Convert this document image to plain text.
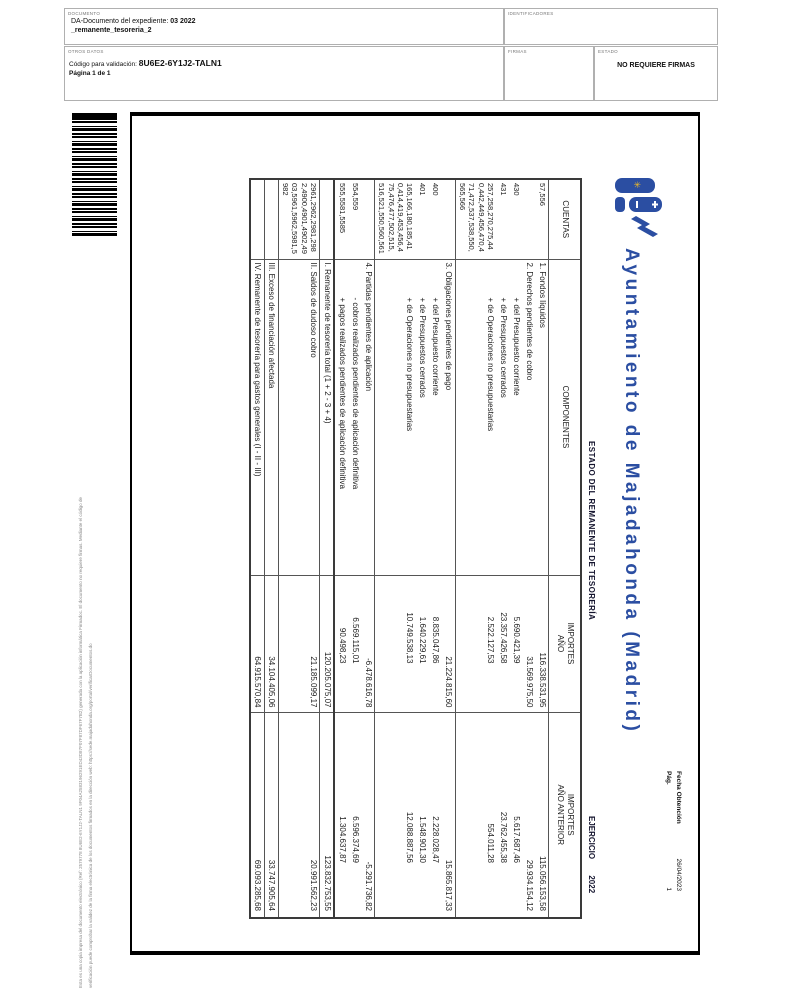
DOCUMENTO
DA-Documento del expediente: 03 2022
_remanente_tesoreria_2
IDENTIFICADORES
OTROS DATOS
Código para validación: 8U6E2-6Y1J2-TALN1
Página 1 de 1
FIRMAS	ESTADO
NO REQUIERE FIRMAS
Esta es una copia impresa del documento electrónico (Ref: 2579778 8U6E2-6Y1J2-TALN1 9F04A2583196291ED43D87F07F87DF67F7B2) generada con la aplicación informática Firmadoc. El documento no requiere firmas. Mediante el código de	verificación puede comprobar la validez de la firma electrónica de los documentos firmados en la dirección web: https://sede.majadahonda.org/portal/verificarDocumentos.do	Fecha Obtención
26/04/2023
Pág.
1
✳
Ayuntamiento de Majadahonda (Madrid)
ESTADO DEL REMANENTE DE TESORERÍA
EJERCICIO 2022
CUENTAS	COMPONENTES	
IMPORTES
AÑO

IMPORTES
AÑO ANTERIOR

57,556	1. Fondos líquidos	116.338.531,95	115.056.153,58
	2. Derechos pendientes de cobro	31.569.975,50	29.934.154,12
430	+ del Presupuesto corriente	5.690.421,39	5.617.687,46
431	+ de Presupuestos cerrados	23.357.426,58	23.762.455,38
257,258,270,275,440,442,449,456,470,471,472,537,538,550,565,566	+ de Operaciones no presupuestarias	2.522.127,53	554.011,28
	3. Obligaciones pendientes de pago	21.224.815,60	15.865.817,33
400	+ del Presupuesto corriente	8.835.047,86	2.228.028,47
401	+ de Presupuestos cerrados	1.640.229,61	1.548.901,30
165,166,180,185,410,414,419,453,456,475,476,477,502,515,516,521,550,560,561	+ de Operaciones no presupuestarias	10.749.538,13	12.088.887,56
	4. Partidas pendientes de aplicación	-6.478.616,78	-5.291.736,82
554,559	- cobros realizados pendientes de aplicación definitiva	6.569.115,01	6.596.374,69
555,5581,5585	+ pagos realizados pendientes de aplicación definitiva	90.498,23	1.304.637,87
	I. Remanente de tesorería total (1 + 2 - 3 + 4)	120.205.075,07	123.832.753,55
2961,2962,2981,2982,4900,4901,4902,4903,5961,5962,5981,5982	II. Saldos de dudoso cobro	21.185.099,17	20.991.562,23
	III. Exceso de financiación afectada	34.104.405,06	33.747.905,64
	IV. Remanente de tesorería para gastos generales (I - II - III)	64.915.570,84	69.093.285,68
